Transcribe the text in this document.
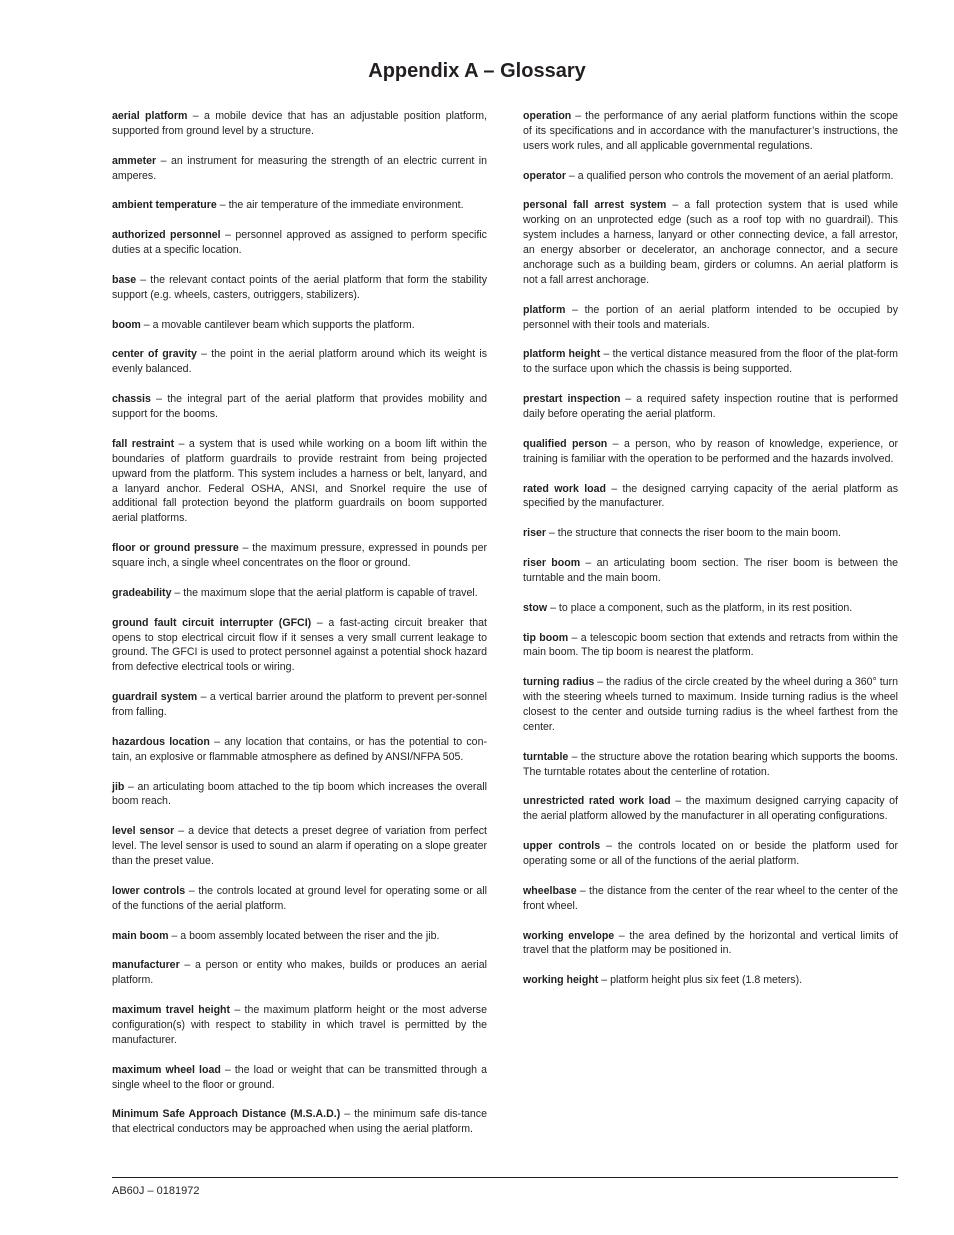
Appendix A – Glossary

aerial platform – a mobile device that has an adjustable position platform, supported from ground level by a structure.

ammeter – an instrument for measuring the strength of an electric current in amperes.

ambient temperature – the air temperature of the immediate environment.

authorized personnel – personnel approved as assigned to perform specific duties at a specific location.

base – the relevant contact points of the aerial platform that form the stability support (e.g. wheels, casters, outriggers, stabilizers).

boom – a movable cantilever beam which supports the platform.

center of gravity – the point in the aerial platform around which its weight is evenly balanced.

chassis – the integral part of the aerial platform that provides mobility and support for the booms.

fall restraint – a system that is used while working on a boom lift within the boundaries of platform guardrails to provide restraint from being projected upward from the platform. This system includes a harness or belt, lanyard, and a lanyard anchor. Federal OSHA, ANSI, and Snorkel require the use of additional fall protection beyond the platform guardrails on boom supported aerial platforms.

floor or ground pressure – the maximum pressure, expressed in pounds per square inch, a single wheel concentrates on the floor or ground.

gradeability – the maximum slope that the aerial platform is capable of travel.

ground fault circuit interrupter (GFCI) – a fast-acting circuit breaker that opens to stop electrical circuit flow if it senses a very small current leakage to ground. The GFCI is used to protect personnel against a potential shock hazard from defective electrical tools or wiring.

guardrail system – a vertical barrier around the platform to prevent per-sonnel from falling.

hazardous location – any location that contains, or has the potential to con-tain, an explosive or flammable atmosphere as defined by ANSI/NFPA 505.

jib – an articulating boom attached to the tip boom which increases the overall boom reach.

level sensor – a device that detects a preset degree of variation from perfect level. The level sensor is used to sound an alarm if operating on a slope greater than the preset value.

lower controls – the controls located at ground level for operating some or all of the functions of the aerial platform.

main boom – a boom assembly located between the riser and the jib.

manufacturer – a person or entity who makes, builds or produces an aerial platform.

maximum travel height – the maximum platform height or the most adverse configuration(s) with respect to stability in which travel is permitted by the manufacturer.

maximum wheel load – the load or weight that can be transmitted through a single wheel to the floor or ground.

Minimum Safe Approach Distance (M.S.A.D.) – the minimum safe dis-tance that electrical conductors may be approached when using the aerial platform.

operation – the performance of any aerial platform functions within the scope of its specifications and in accordance with the manufacturer’s instructions, the users work rules, and all applicable governmental regulations.

operator – a qualified person who controls the movement of an aerial platform.

personal fall arrest system – a fall protection system that is used while working on an unprotected edge (such as a roof top with no guardrail). This system includes a harness, lanyard or other connecting device, a fall arrestor, an energy absorber or decelerator, an anchorage connector, and a secure anchorage such as a building beam, girders or columns. An aerial platform is not a fall arrest anchorage.

platform – the portion of an aerial platform intended to be occupied by personnel with their tools and materials.

platform height – the vertical distance measured from the floor of the plat-form to the surface upon which the chassis is being supported.

prestart inspection – a required safety inspection routine that is performed daily before operating the aerial platform.

qualified person – a person, who by reason of knowledge, experience, or training is familiar with the operation to be performed and the hazards involved.

rated work load – the designed carrying capacity of the aerial platform as specified by the manufacturer.

riser – the structure that connects the riser boom to the main boom.

riser boom – an articulating boom section. The riser boom is between the turntable and the main boom.

stow – to place a component, such as the platform, in its rest position.

tip boom – a telescopic boom section that extends and retracts from within the main boom. The tip boom is nearest the platform.

turning radius – the radius of the circle created by the wheel during a 360° turn with the steering wheels turned to maximum. Inside turning radius is the wheel closest to the center and outside turning radius is the wheel farthest from the center.

turntable – the structure above the rotation bearing which supports the booms. The turntable rotates about the centerline of rotation.

unrestricted rated work load – the maximum designed carrying capacity of the aerial platform allowed by the manufacturer in all operating configurations.

upper controls – the controls located on or beside the platform used for operating some or all of the functions of the aerial platform.

wheelbase – the distance from the center of the rear wheel to the center of the front wheel.

working envelope – the area defined by the horizontal and vertical limits of travel that the platform may be positioned in.

working height – platform height plus six feet (1.8 meters).

AB60J – 0181972
